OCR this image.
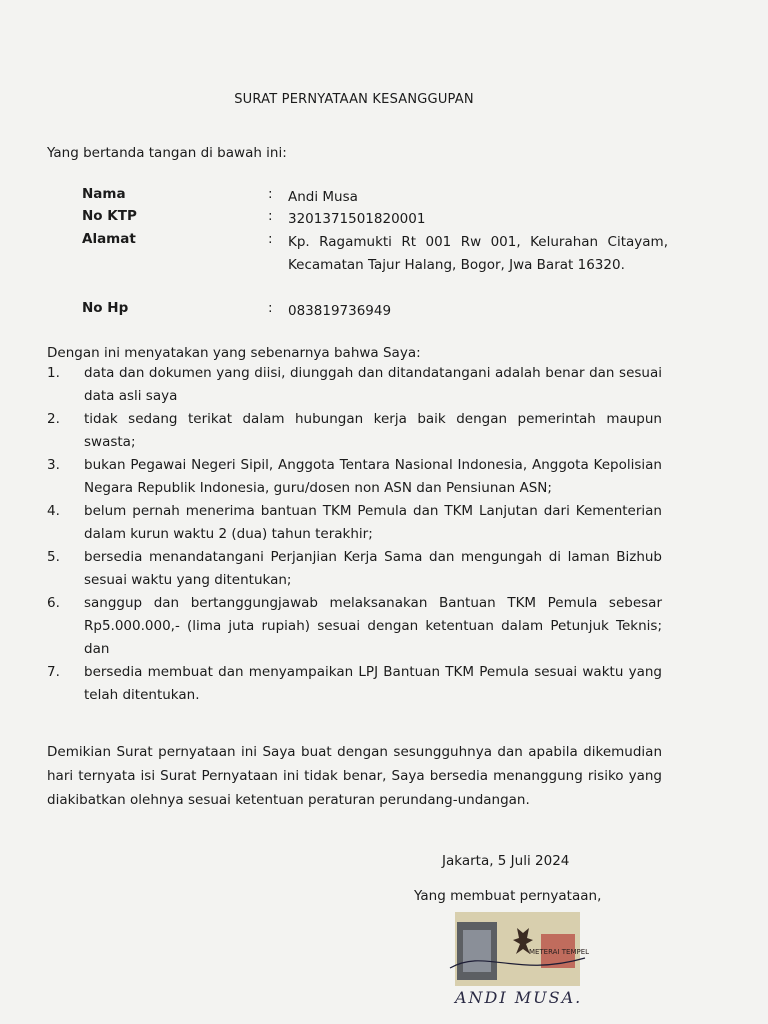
SURAT PERNYATAAN KESANGGUPAN
Yang bertanda tangan di bawah ini:
Nama	: Andi Musa
No KTP	: 3201371501820001
Alamat	: Kp. Ragamukti Rt 001 Rw 001, Kelurahan Citayam, Kecamatan Tajur Halang, Bogor, Jwa Barat 16320.
No Hp	: 083819736949
Dengan ini menyatakan yang sebenarnya bahwa Saya:
1. data dan dokumen yang diisi, diunggah dan ditandatangani adalah benar dan sesuai data asli saya
2. tidak sedang terikat dalam hubungan kerja baik dengan pemerintah maupun swasta;
3. bukan Pegawai Negeri Sipil, Anggota Tentara Nasional Indonesia, Anggota Kepolisian Negara Republik Indonesia, guru/dosen non ASN dan Pensiunan ASN;
4. belum pernah menerima bantuan TKM Pemula dan TKM Lanjutan dari Kementerian dalam kurun waktu 2 (dua) tahun terakhir;
5. bersedia menandatangani Perjanjian Kerja Sama dan mengungah di laman Bizhub sesuai waktu yang ditentukan;
6. sanggup dan bertanggungjawab melaksanakan Bantuan TKM Pemula sebesar Rp5.000.000,- (lima juta rupiah) sesuai dengan ketentuan dalam Petunjuk Teknis; dan
7. bersedia membuat dan menyampaikan LPJ Bantuan TKM Pemula sesuai waktu yang telah ditentukan.
Demikian Surat pernyataan ini Saya buat dengan sesungguhnya dan apabila dikemudian hari ternyata isi Surat Pernyataan ini tidak benar, Saya bersedia menanggung risiko yang diakibatkan olehnya sesuai ketentuan peraturan perundang-undangan.
Jakarta, 5 Juli 2024
Yang membuat pernyataan,
METERAI TEMPEL
ANDI MUSA.
